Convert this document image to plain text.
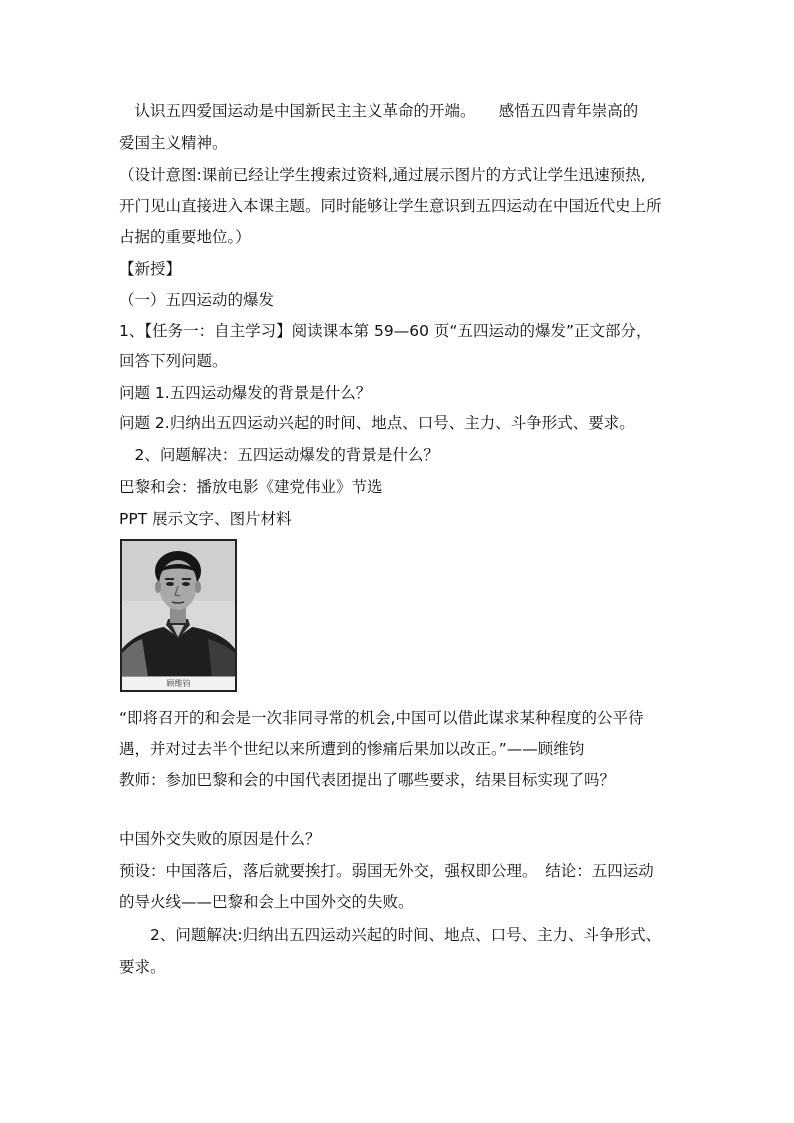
　认识五四爱国运动是中国新民主主义革命的开端。　　感悟五四青年崇高的
爱国主义精神。
（设计意图:课前已经让学生搜索过资料,通过展示图片的方式让学生迅速预热,
开门见山直接进入本课主题。同时能够让学生意识到五四运动在中国近代史上所
占据的重要地位。）
【新授】
（一）五四运动的爆发
1、【任务一：自主学习】阅读课本第 59—60 页“五四运动的爆发”正文部分，
回答下列问题。
问题 1.五四运动爆发的背景是什么？
问题 2.归纳出五四运动兴起的时间、地点、口号、主力、斗争形式、要求。
　2、问题解决：五四运动爆发的背景是什么？
巴黎和会：播放电影《建党伟业》节选
PPT 展示文字、图片材料
顾维钧
“即将召开的和会是一次非同寻常的机会,中国可以借此谋求某种程度的公平待
遇，并对过去半个世纪以来所遭到的惨痛后果加以改正。”——顾维钧
教师：参加巴黎和会的中国代表团提出了哪些要求，结果目标实现了吗？
中国外交失败的原因是什么？
预设：中国落后，落后就要挨打。弱国无外交，强权即公理。　结论：五四运动
的导火线——巴黎和会上中国外交的失败。
　　2、问题解决:归纳出五四运动兴起的时间、地点、口号、主力、斗争形式、
要求。
